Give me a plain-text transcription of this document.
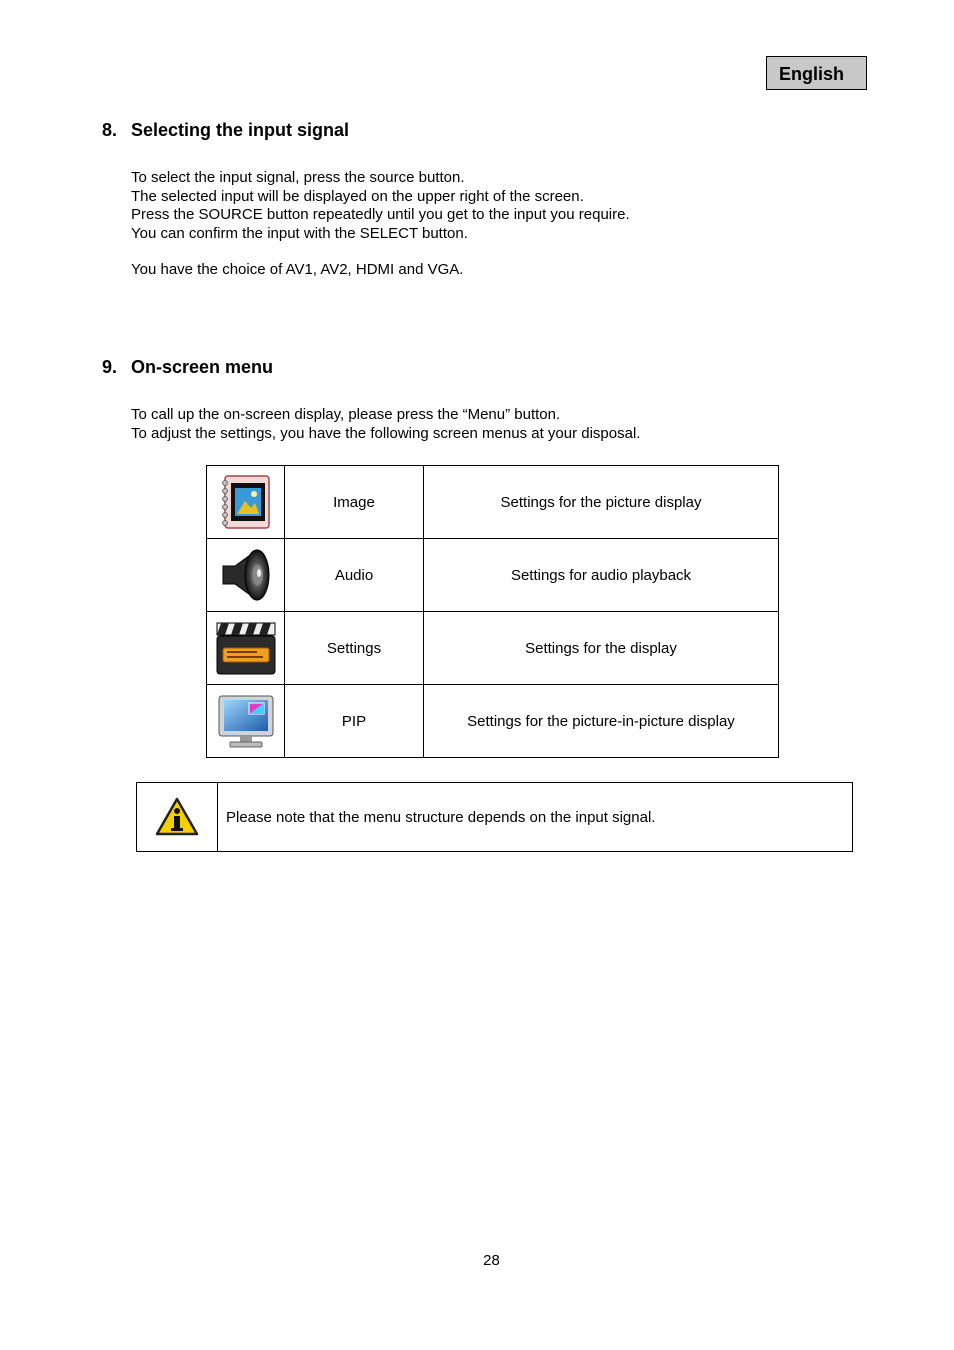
English
8. Selecting the input signal
To select the input signal, press the source button.
The selected input will be displayed on the upper right of the screen.
Press the SOURCE button repeatedly until you get to the input you require.
You can confirm the input with the SELECT button.
You have the choice of AV1, AV2, HDMI and VGA.
9. On-screen menu
To call up the on-screen display, please press the “Menu” button.
To adjust the settings, you have the following screen menus at your disposal.
	Image	Settings for the picture display

	Audio	Settings for audio playback

	Settings	Settings for the display

	PIP	Settings for the picture-in-picture display
Please note that the menu structure depends on the input signal.
28
